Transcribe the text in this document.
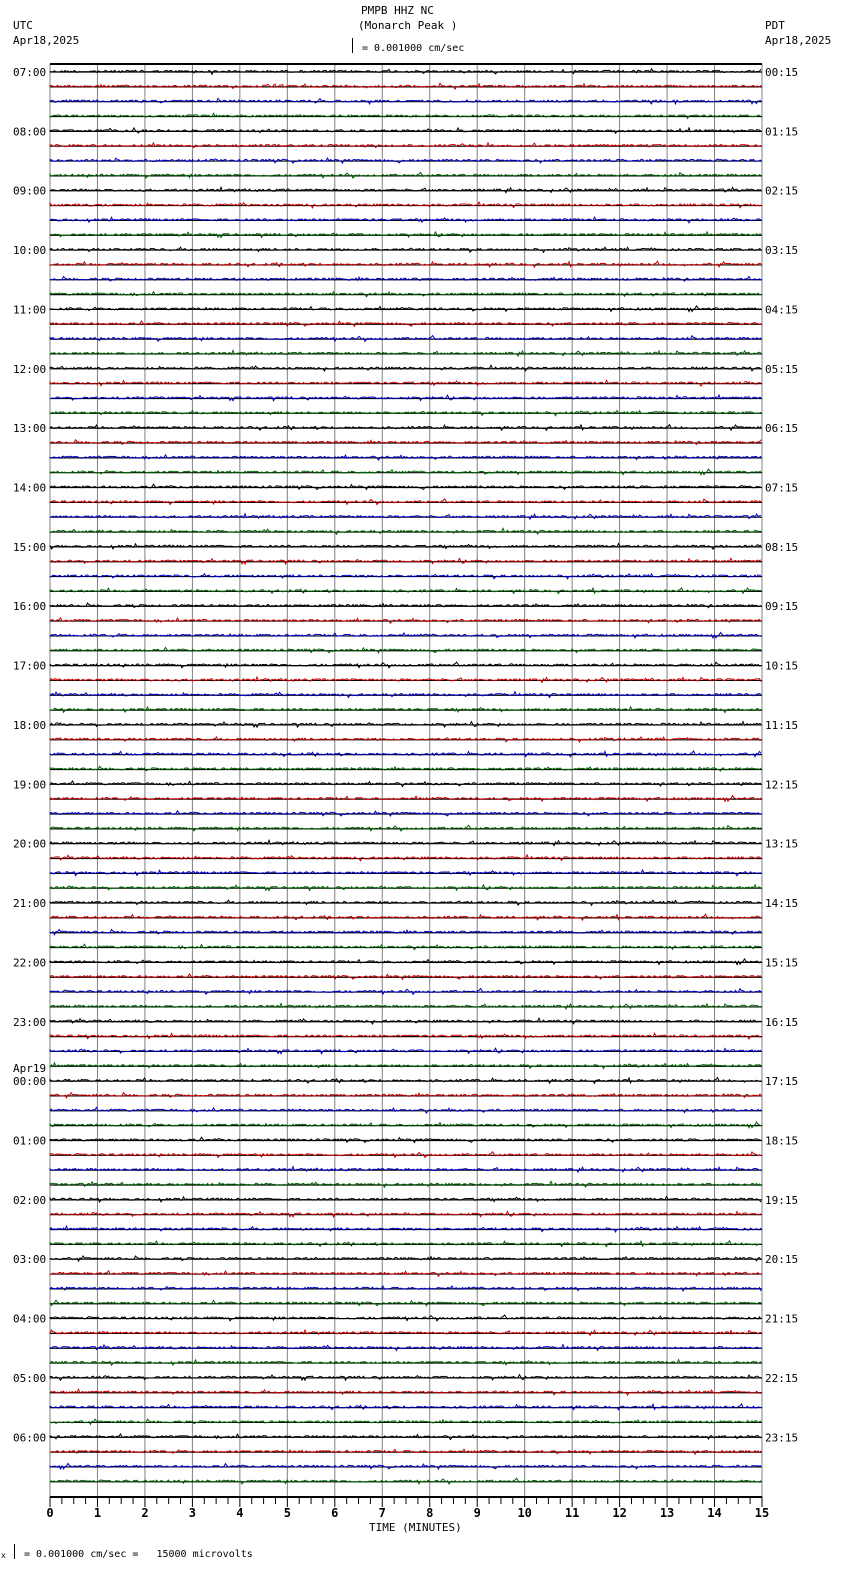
PMPB HHZ NC
(Monarch Peak )
UTC
Apr18,2025
PDT
Apr18,2025
= 0.001000 cm/sec
0	1	2	3	4	5	6	7	8	9	10	11	12	13	14	15
07:00
08:00
09:00
10:00
11:00
12:00
13:00
14:00
15:00
16:00
17:00
18:00
19:00
20:00
21:00
22:00
23:00
00:00
Apr19
01:00
02:00
03:00
04:00
05:00
06:00
00:15
01:15
02:15
03:15
04:15
05:15
06:15
07:15
08:15
09:15
10:15
11:15
12:15
13:15
14:15
15:15
16:15
17:15
18:15
19:15
20:15
21:15
22:15
23:15
TIME (MINUTES)
x = 0.001000 cm/sec =   15000 microvolts
